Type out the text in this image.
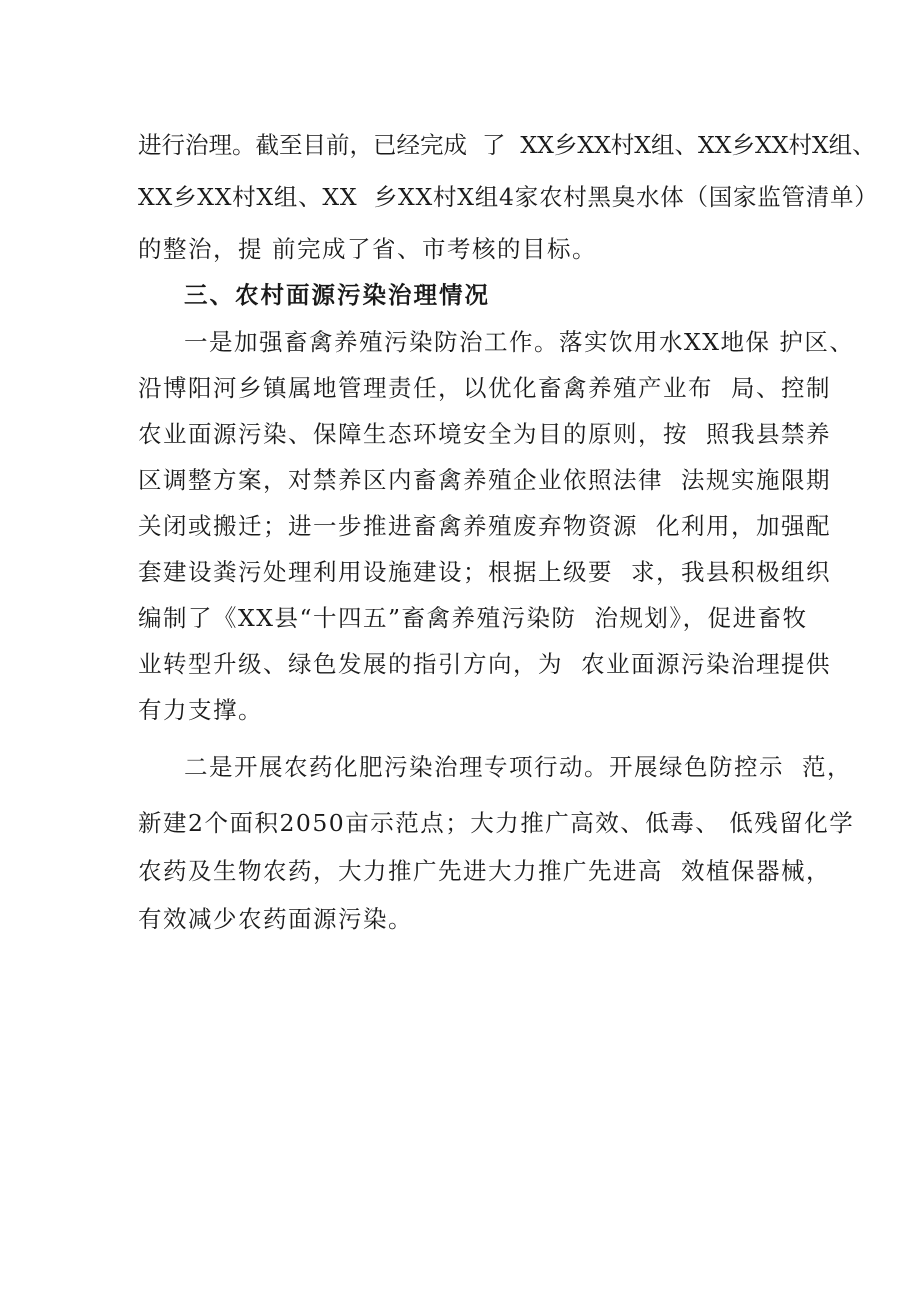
进行治理。截至目前，已经完成  了  XX乡XX村X组、XX乡XX村X组、
XX乡XX村X组、XX  乡XX村X组4家农村黑臭水体（国家监管清单）
的整治，提 前完成了省、市考核的目标。
三、农村面源污染治理情况
一是加强畜禽养殖污染防治工作。落实饮用水XX地保 护区、
沿博阳河乡镇属地管理责任，以优化畜禽养殖产业布  局、控制
农业面源污染、保障生态环境安全为目的原则，按  照我县禁养
区调整方案，对禁养区内畜禽养殖企业依照法律  法规实施限期
关闭或搬迁；进一步推进畜禽养殖废弃物资源  化利用，加强配
套建设粪污处理利用设施建设；根据上级要  求，我县积极组织
编制了《XX县“十四五”畜禽养殖污染防  治规划》，促进畜牧
业转型升级、绿色发展的指引方向，为  农业面源污染治理提供
有力支撑。
二是开展农药化肥污染治理专项行动。开展绿色防控示  范，
新建2个面积2050亩示范点；大力推广高效、低毒、 低残留化学
农药及生物农药，大力推广先进大力推广先进高  效植保器械，
有效减少农药面源污染。
